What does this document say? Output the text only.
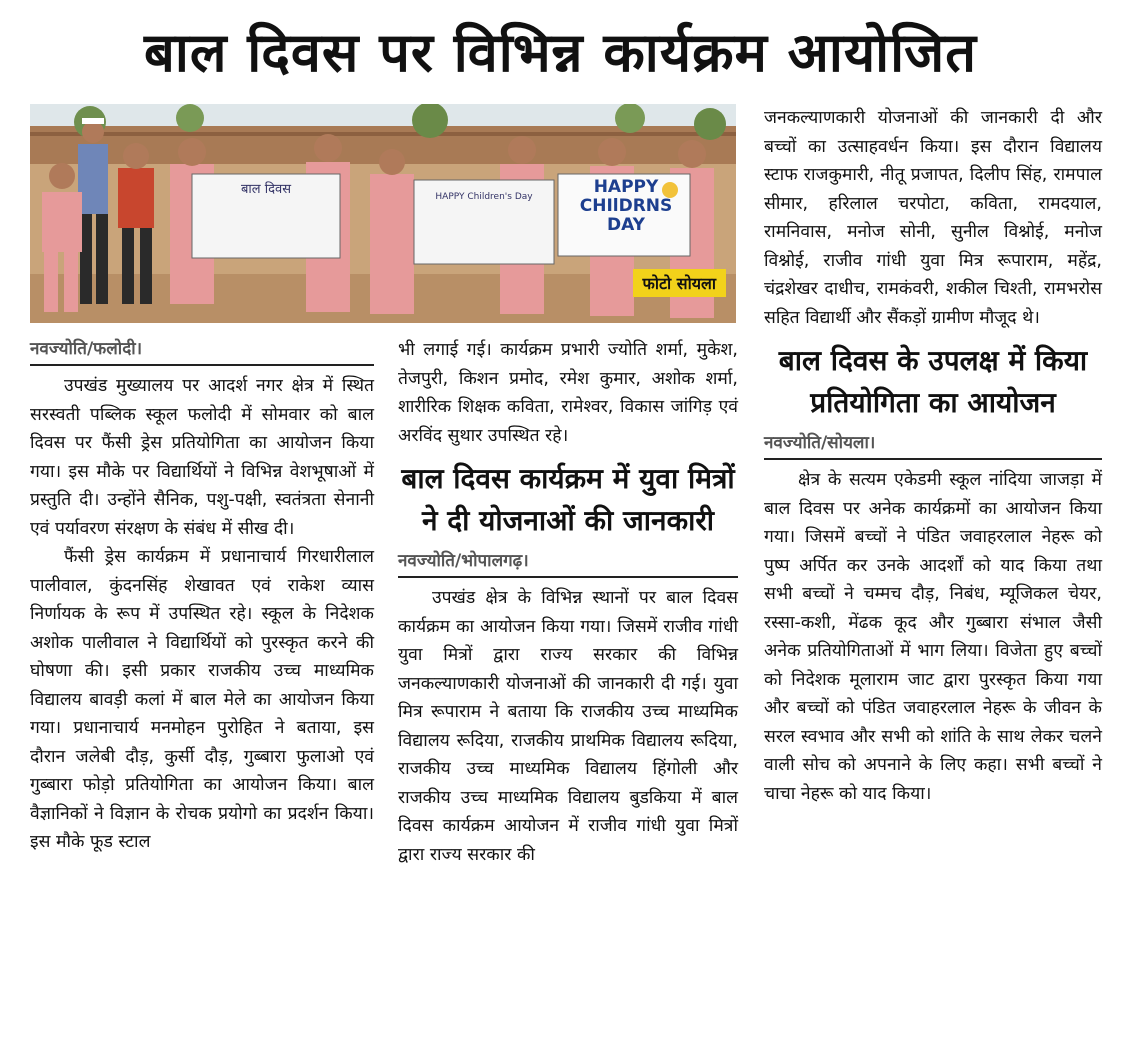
बाल दिवस पर विभिन्न कार्यक्रम आयोजित
बाल दिवस	HAPPY Children's Day	HAPPY
CHIlDRNS
DAY
फोटो सोयला
नवज्योति/फलोदी।

उपखंड मुख्यालय पर आदर्श नगर क्षेत्र में स्थित सरस्वती पब्लिक स्कूल फलोदी में सोमवार को बाल दिवस पर फैंसी ड्रेस प्रतियोगिता का आयोजन किया गया। इस मौके पर विद्यार्थियों ने विभिन्न वेशभूषाओं में प्रस्तुति दी। उन्होंने सैनिक, पशु-पक्षी, स्वतंत्रता सेनानी एवं पर्यावरण संरक्षण के संबंध में सीख दी।

फैंसी ड्रेस कार्यक्रम में प्रधानाचार्य गिरधारीलाल पालीवाल, कुंदनसिंह शेखावत एवं राकेश व्यास निर्णायक के रूप में उपस्थित रहे। स्कूल के निदेशक अशोक पालीवाल ने विद्यार्थियों को पुरस्कृत करने की घोषणा की। इसी प्रकार राजकीय उच्च माध्यमिक विद्यालय बावड़ी कलां में बाल मेले का आयोजन किया गया। प्रधानाचार्य मनमोहन पुरोहित ने बताया, इस दौरान जलेबी दौड़, कुर्सी दौड़, गुब्बारा फुलाओ एवं गुब्बारा फोड़ो प्रतियोगिता का आयोजन किया। बाल वैज्ञानिकों ने विज्ञान के रोचक प्रयोगो का प्रदर्शन किया। इस मौके फूड स्टाल

भी लगाई गई। कार्यक्रम प्रभारी ज्योति शर्मा, मुकेश, तेजपुरी, किशन प्रमोद, रमेश कुमार, अशोक शर्मा, शारीरिक शिक्षक कविता, रामेश्वर, विकास जांगिड़ एवं अरविंद सुथार उपस्थित रहे।

बाल दिवस कार्यक्रम में युवा मित्रों ने दी योजनाओं की जानकारी
नवज्योति/भोपालगढ़।

उपखंड क्षेत्र के विभिन्न स्थानों पर बाल दिवस कार्यक्रम का आयोजन किया गया। जिसमें राजीव गांधी युवा मित्रों द्वारा राज्य सरकार की विभिन्न जनकल्याणकारी योजनाओं की जानकारी दी गई। युवा मित्र रूपाराम ने बताया कि राजकीय उच्च माध्यमिक विद्यालय रूदिया, राजकीय प्राथमिक विद्यालय रूदिया, राजकीय उच्च माध्यमिक विद्यालय हिंगोली और राजकीय उच्च माध्यमिक विद्यालय बुडकिया में बाल दिवस कार्यक्रम आयोजन में राजीव गांधी युवा मित्रों द्वारा राज्य सरकार की

जनकल्याणकारी योजनाओं की जानकारी दी और बच्चों का उत्साहवर्धन किया। इस दौरान विद्यालय स्टाफ राजकुमारी, नीतू प्रजापत, दिलीप सिंह, रामपाल सीमार, हरिलाल चरपोटा, कविता, रामदयाल, रामनिवास, मनोज सोनी, सुनील विश्नोई, मनोज विश्नोई, राजीव गांधी युवा मित्र रूपाराम, महेंद्र, चंद्रशेखर दाधीच, रामकंवरी, शकील चिश्ती, रामभरोस सहित विद्यार्थी और सैंकड़ों ग्रामीण मौजूद थे।

बाल दिवस के उपलक्ष में किया प्रतियोगिता का आयोजन
नवज्योति/सोयला।

क्षेत्र के सत्यम एकेडमी स्कूल नांदिया जाजड़ा में बाल दिवस पर अनेक कार्यक्रमों का आयोजन किया गया। जिसमें बच्चों ने पंडित जवाहरलाल नेहरू को पुष्प अर्पित कर उनके आदर्शों को याद किया तथा सभी बच्चों ने चम्मच दौड़, निबंध, म्यूजिकल चेयर, रस्सा-कशी, मेंढक कूद और गुब्बारा संभाल जैसी अनेक प्रतियोगिताओं में भाग लिया। विजेता हुए बच्चों को निदेशक मूलाराम जाट द्वारा पुरस्कृत किया गया और बच्चों को पंडित जवाहरलाल नेहरू के जीवन के सरल स्वभाव और सभी को शांति के साथ लेकर चलने वाली सोच को अपनाने के लिए कहा। सभी बच्चों ने चाचा नेहरू को याद किया।
